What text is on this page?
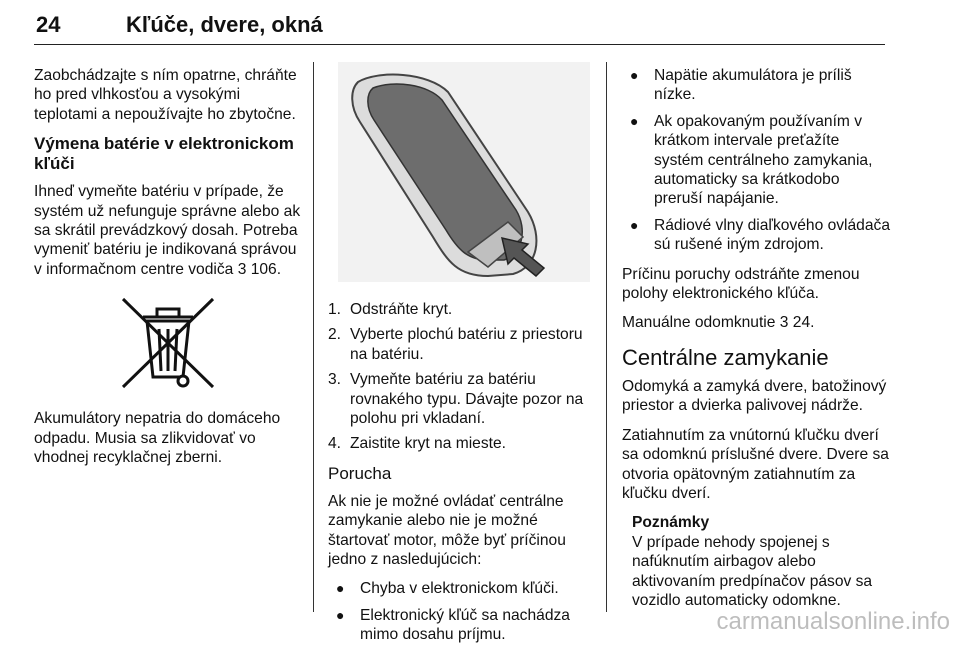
24	Kľúče, dvere, okná

Zaobchádzajte s ním opatrne, chráňte ho pred vlhkosťou a vysokými teplotami a nepoužívajte ho zbytočne.

Výmena batérie v elektronickom kľúči

Ihneď vymeňte batériu v prípade, že systém už nefunguje správne alebo ak sa skrátil prevádzkový dosah. Potreba vymeniť batériu je indikovaná správou v informačnom centre vodiča 3 106.

Akumulátory nepatria do domáceho odpadu. Musia sa zlikvidovať vo vhodnej recyklačnej zberni.

1. Odstráňte kryt.
2. Vyberte plochú batériu z priestoru na batériu.
3. Vymeňte batériu za batériu rovnakého typu. Dávajte pozor na polohu pri vkladaní.
4. Zaistite kryt na mieste.
Porucha

Ak nie je možné ovládať centrálne zamykanie alebo nie je možné štartovať motor, môže byť príčinou jedno z nasledujúcich:

● Chyba v elektronickom kľúči.
● Elektronický kľúč sa nachádza mimo dosahu príjmu.
● Napätie akumulátora je príliš nízke.
● Ak opakovaným používaním v krátkom intervale preťažíte systém centrálneho zamykania, automaticky sa krátkodobo preruší napájanie.
● Rádiové vlny diaľkového ovládača sú rušené iným zdrojom.

Príčinu poruchy odstráňte zmenou polohy elektronického kľúča.

Manuálne odomknutie 3 24.

Centrálne zamykanie

Odomyká a zamyká dvere, batožinový priestor a dvierka palivovej nádrže.

Zatiahnutím za vnútornú kľučku dverí sa odomknú príslušné dvere. Dvere sa otvoria opätovným zatiahnutím za kľučku dverí.

Poznámky
V prípade nehody spojenej s nafúknutím airbagov alebo aktivovaním predpínačov pásov sa vozidlo automaticky odomkne.
carmanualsonline.info
